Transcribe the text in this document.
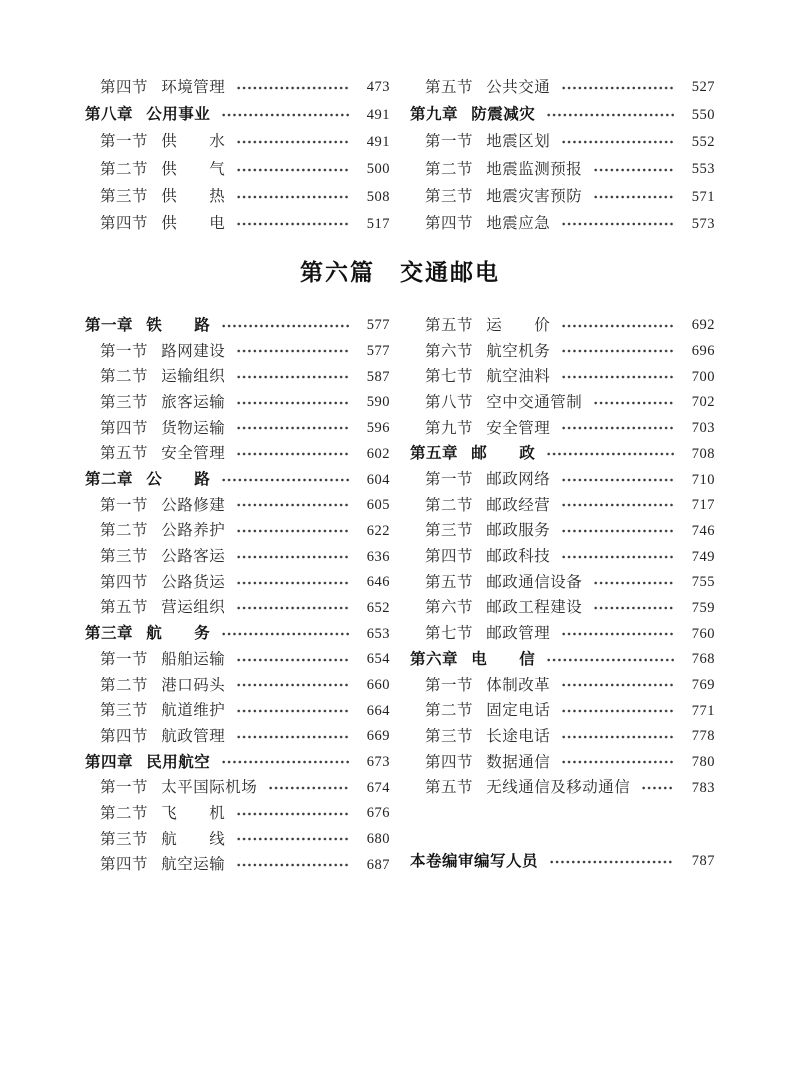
第四节 环境管理	473
第八章 公用事业	491
第一节 供　　水	491
第二节 供　　气	500
第三节 供　　热	508
第四节 供　　电	517
第五节 公共交通	527
第九章 防震减灾	550
第一节 地震区划	552
第二节 地震监测预报	553
第三节 地震灾害预防	571
第四节 地震应急	573
第六篇　交通邮电
第一章 铁　　路	577
第一节 路网建设	577
第二节 运输组织	587
第三节 旅客运输	590
第四节 货物运输	596
第五节 安全管理	602
第二章 公　　路	604
第一节 公路修建	605
第二节 公路养护	622
第三节 公路客运	636
第四节 公路货运	646
第五节 营运组织	652
第三章 航　　务	653
第一节 船舶运输	654
第二节 港口码头	660
第三节 航道维护	664
第四节 航政管理	669
第四章 民用航空	673
第一节 太平国际机场	674
第二节 飞　　机	676
第三节 航　　线	680
第四节 航空运输	687
第五节 运　　价	692
第六节 航空机务	696
第七节 航空油料	700
第八节 空中交通管制	702
第九节 安全管理	703
第五章 邮　　政	708
第一节 邮政网络	710
第二节 邮政经营	717
第三节 邮政服务	746
第四节 邮政科技	749
第五节 邮政通信设备	755
第六节 邮政工程建设	759
第七节 邮政管理	760
第六章 电　　信	768
第一节 体制改革	769
第二节 固定电话	771
第三节 长途电话	778
第四节 数据通信	780
第五节 无线通信及移动通信	783
本卷编审编写人员	787
